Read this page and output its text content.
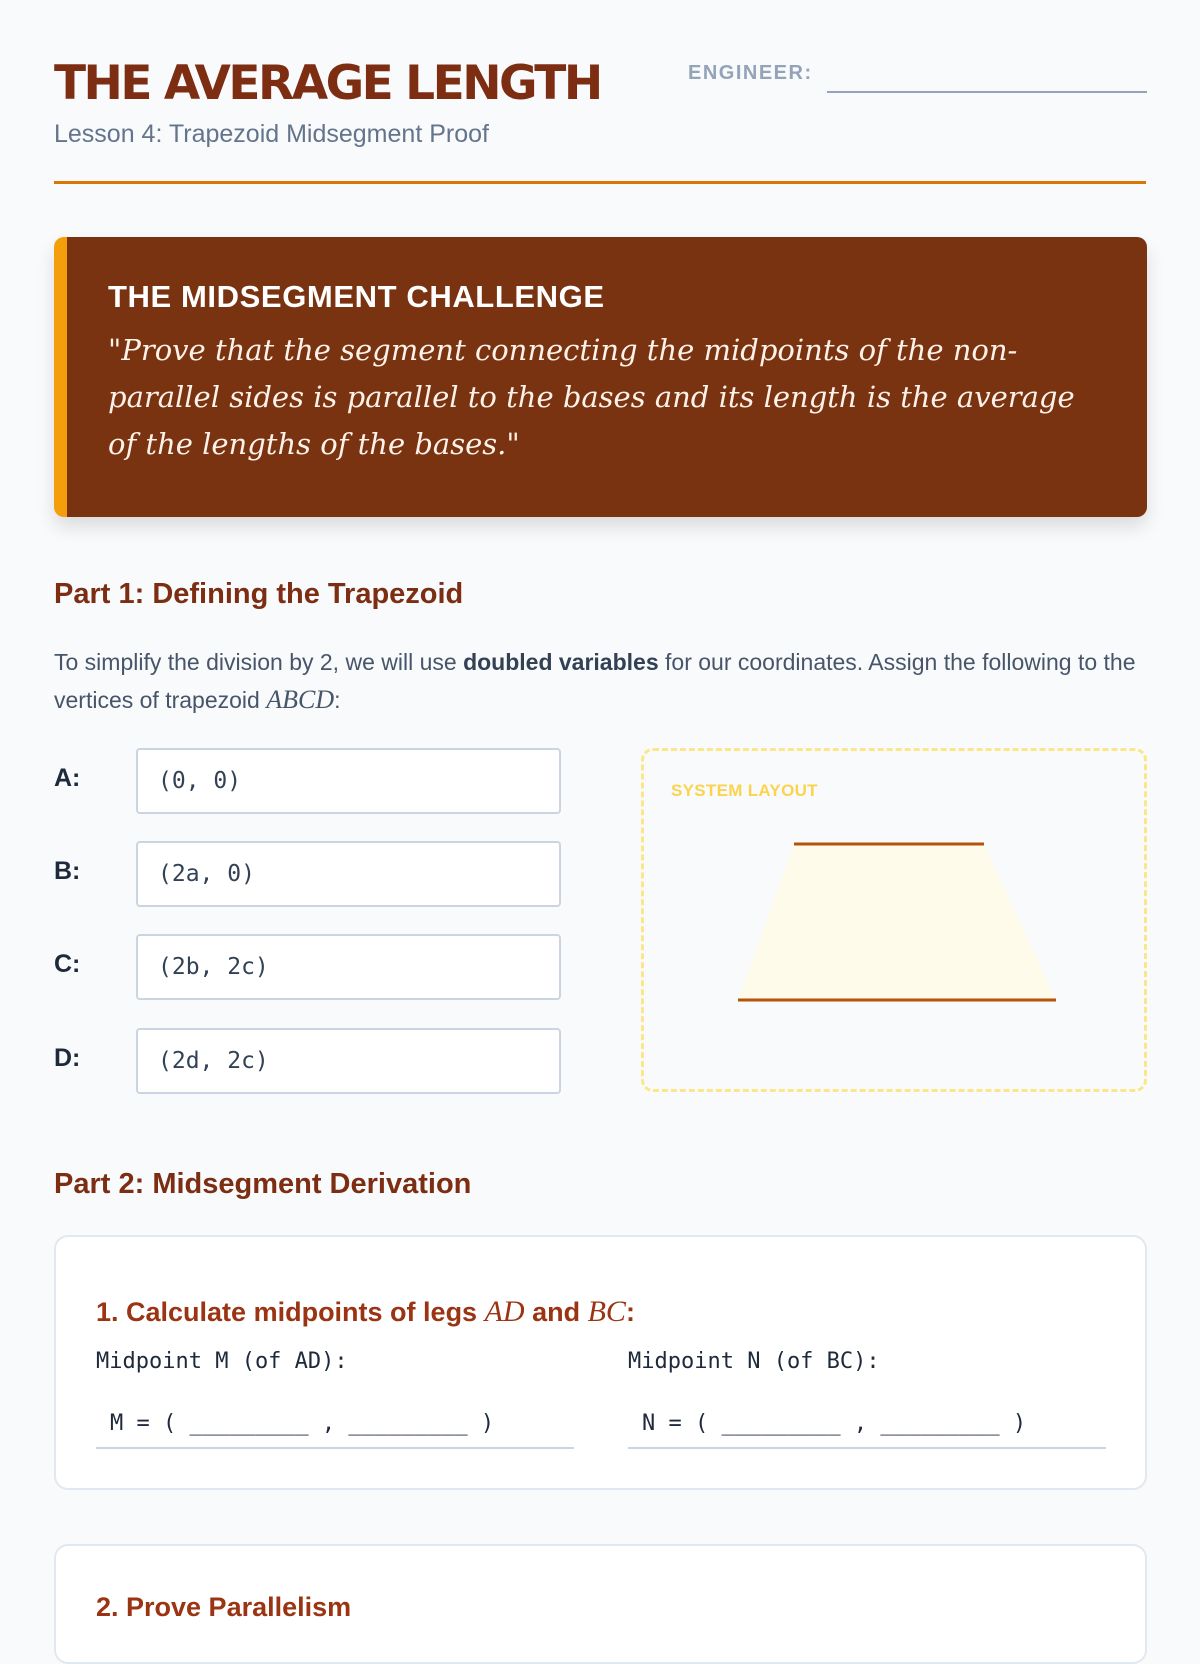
THE AVERAGE LENGTH
Lesson 4: Trapezoid Midsegment Proof
ENGINEER:
THE MIDSEGMENT CHALLENGE
"Prove that the segment connecting the midpoints of the non-parallel sides is parallel to the bases and its length is the average of the lengths of the bases."
Part 1: Defining the Trapezoid
To simplify the division by 2, we will use doubled variables for our coordinates. Assign the following to the vertices of trapezoid ABCD:
A:	(0, 0)
B:	(2a, 0)
C:	(2b, 2c)
D:	(2d, 2c)
SYSTEM LAYOUT
Part 2: Midsegment Derivation
1. Calculate midpoints of legs AD and BC:
Midpoint M (of AD):
M = ( _________ , _________ )
Midpoint N (of BC):
N = ( _________ , _________ )
2. Prove Parallelism
